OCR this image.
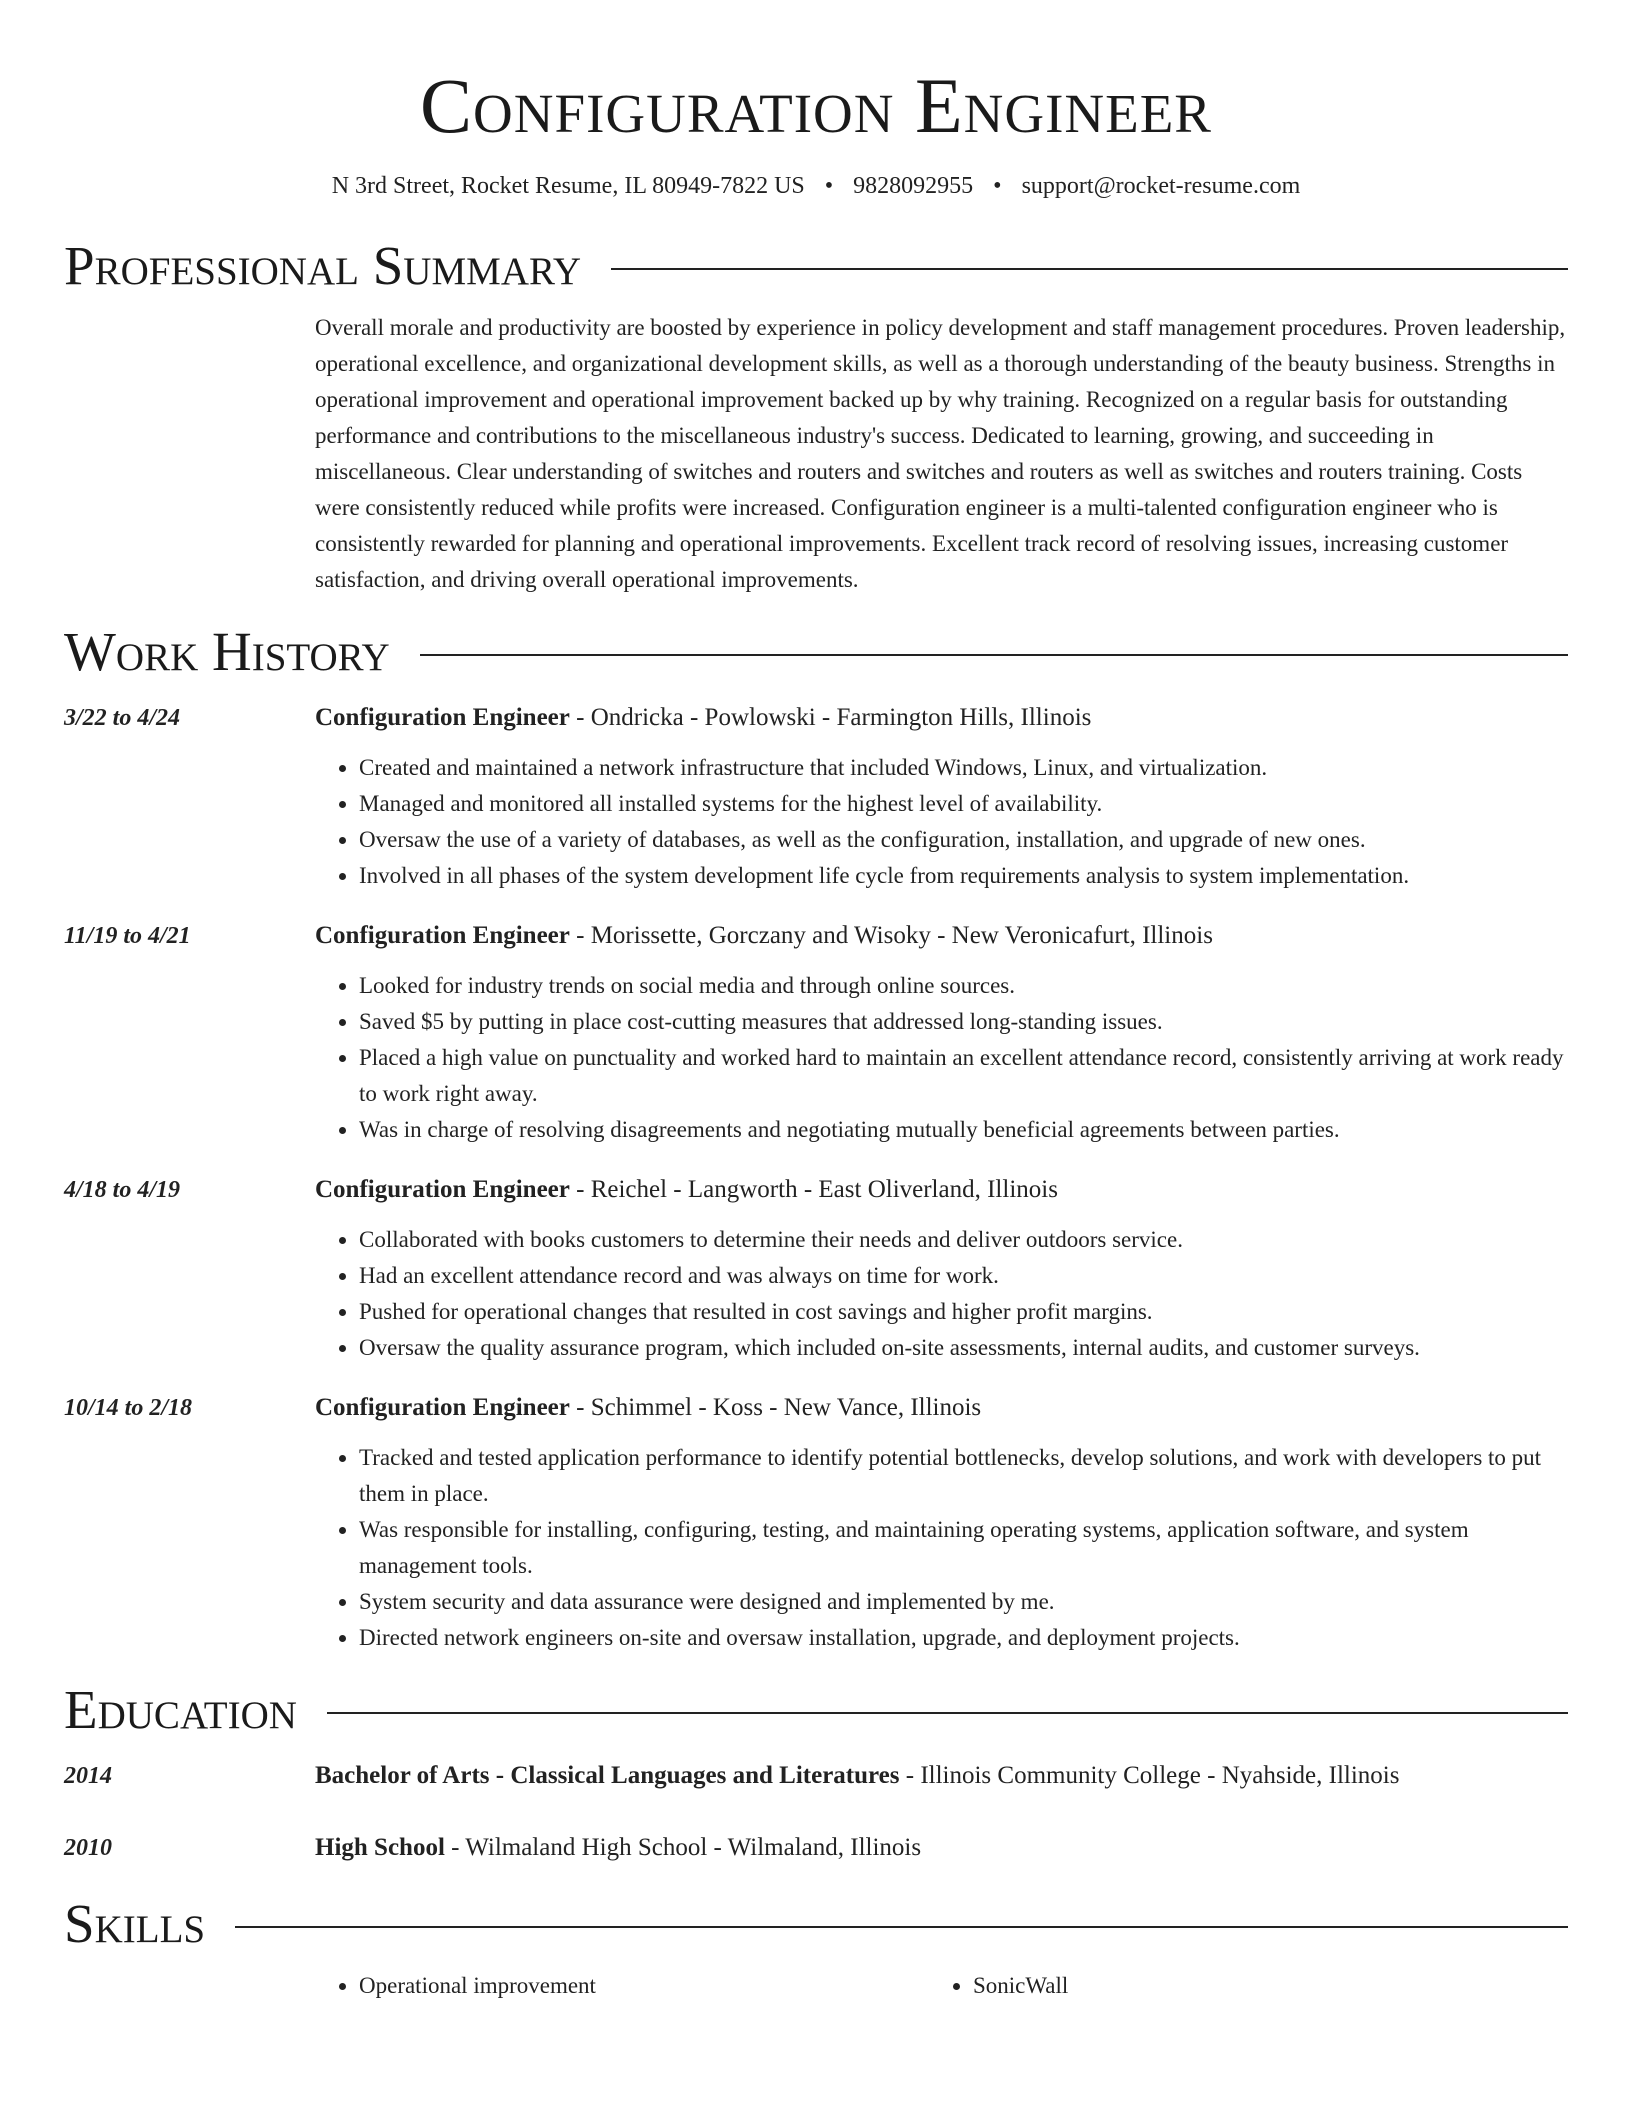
Configuration Engineer
N 3rd Street, Rocket Resume, IL 80949-7822 US • 9828092955 • support@rocket-resume.com
Professional Summary
Overall morale and productivity are boosted by experience in policy development and staff management procedures. Proven leadership, operational excellence, and organizational development skills, as well as a thorough understanding of the beauty business. Strengths in operational improvement and operational improvement backed up by why training. Recognized on a regular basis for outstanding performance and contributions to the miscellaneous industry's success. Dedicated to learning, growing, and succeeding in miscellaneous. Clear understanding of switches and routers and switches and routers as well as switches and routers training. Costs were consistently reduced while profits were increased. Configuration engineer is a multi-talented configuration engineer who is consistently rewarded for planning and operational improvements. Excellent track record of resolving issues, increasing customer satisfaction, and driving overall operational improvements.
Work History
3/22 to 4/24	Configuration Engineer - Ondricka - Powlowski - Farmington Hills, Illinois
• Created and maintained a network infrastructure that included Windows, Linux, and virtualization.
• Managed and monitored all installed systems for the highest level of availability.
• Oversaw the use of a variety of databases, as well as the configuration, installation, and upgrade of new ones.
• Involved in all phases of the system development life cycle from requirements analysis to system implementation.
11/19 to 4/21	Configuration Engineer - Morissette, Gorczany and Wisoky - New Veronicafurt, Illinois
• Looked for industry trends on social media and through online sources.
• Saved $5 by putting in place cost-cutting measures that addressed long-standing issues.
• Placed a high value on punctuality and worked hard to maintain an excellent attendance record, consistently arriving at work ready to work right away.
• Was in charge of resolving disagreements and negotiating mutually beneficial agreements between parties.
4/18 to 4/19	Configuration Engineer - Reichel - Langworth - East Oliverland, Illinois
• Collaborated with books customers to determine their needs and deliver outdoors service.
• Had an excellent attendance record and was always on time for work.
• Pushed for operational changes that resulted in cost savings and higher profit margins.
• Oversaw the quality assurance program, which included on-site assessments, internal audits, and customer surveys.
10/14 to 2/18	Configuration Engineer - Schimmel - Koss - New Vance, Illinois
• Tracked and tested application performance to identify potential bottlenecks, develop solutions, and work with developers to put them in place.
• Was responsible for installing, configuring, testing, and maintaining operating systems, application software, and system management tools.
• System security and data assurance were designed and implemented by me.
• Directed network engineers on-site and oversaw installation, upgrade, and deployment projects.
Education
2014	Bachelor of Arts - Classical Languages and Literatures - Illinois Community College - Nyahside, Illinois
2010	High School - Wilmaland High School - Wilmaland, Illinois
Skills
• Operational improvement
•	SonicWall
